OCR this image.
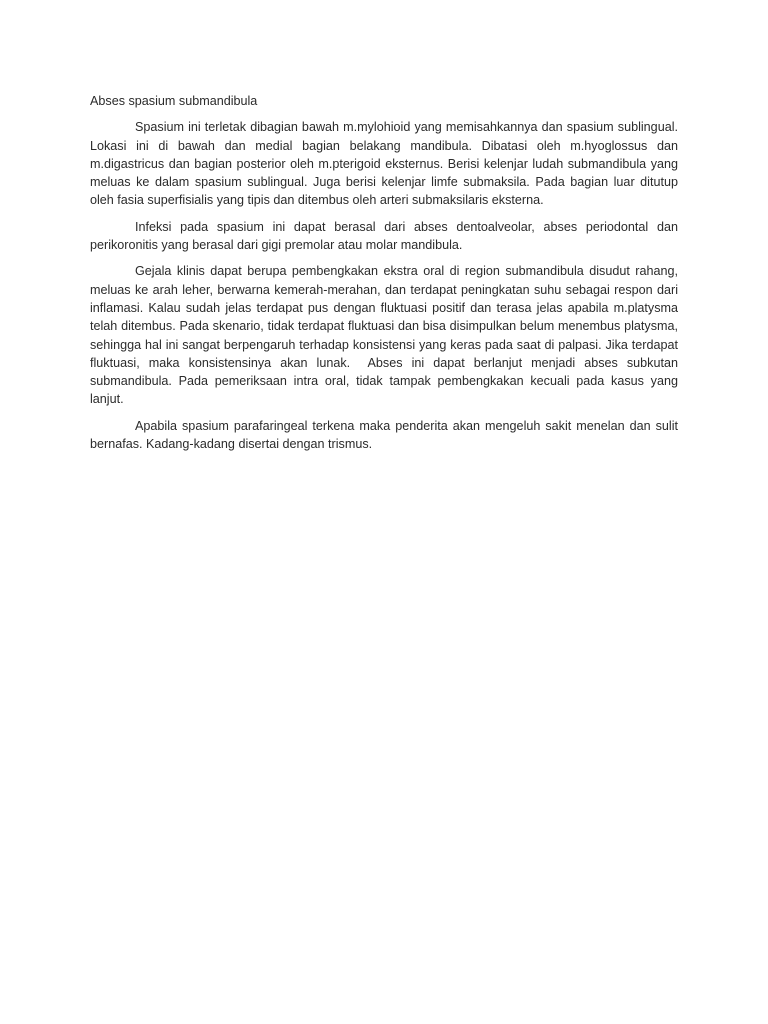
Abses spasium submandibula

Spasium ini terletak dibagian bawah m.mylohioid yang memisahkannya dan spasium sublingual. Lokasi ini di bawah dan medial bagian belakang mandibula. Dibatasi oleh m.hyoglossus dan m.digastricus dan bagian posterior oleh m.pterigoid eksternus. Berisi kelenjar ludah submandibula yang meluas ke dalam spasium sublingual. Juga berisi kelenjar limfe submaksila. Pada bagian luar ditutup oleh fasia superfisialis yang tipis dan ditembus oleh arteri submaksilaris eksterna.

Infeksi pada spasium ini dapat berasal dari abses dentoalveolar, abses periodontal dan perikoronitis yang berasal dari gigi premolar atau molar mandibula.

Gejala klinis dapat berupa pembengkakan ekstra oral di region submandibula disudut rahang, meluas ke arah leher, berwarna kemerah-merahan, dan terdapat peningkatan suhu sebagai respon dari inflamasi. Kalau sudah jelas terdapat pus dengan fluktuasi positif dan terasa jelas apabila m.platysma telah ditembus. Pada skenario, tidak terdapat fluktuasi dan bisa disimpulkan belum menembus platysma, sehingga hal ini sangat berpengaruh terhadap konsistensi yang keras pada saat di palpasi. Jika terdapat fluktuasi, maka konsistensinya akan lunak.  Abses ini dapat berlanjut menjadi abses subkutan submandibula. Pada pemeriksaan intra oral, tidak tampak pembengkakan kecuali pada kasus yang lanjut.

Apabila spasium parafaringeal terkena maka penderita akan mengeluh sakit menelan dan sulit bernafas. Kadang-kadang disertai dengan trismus.
